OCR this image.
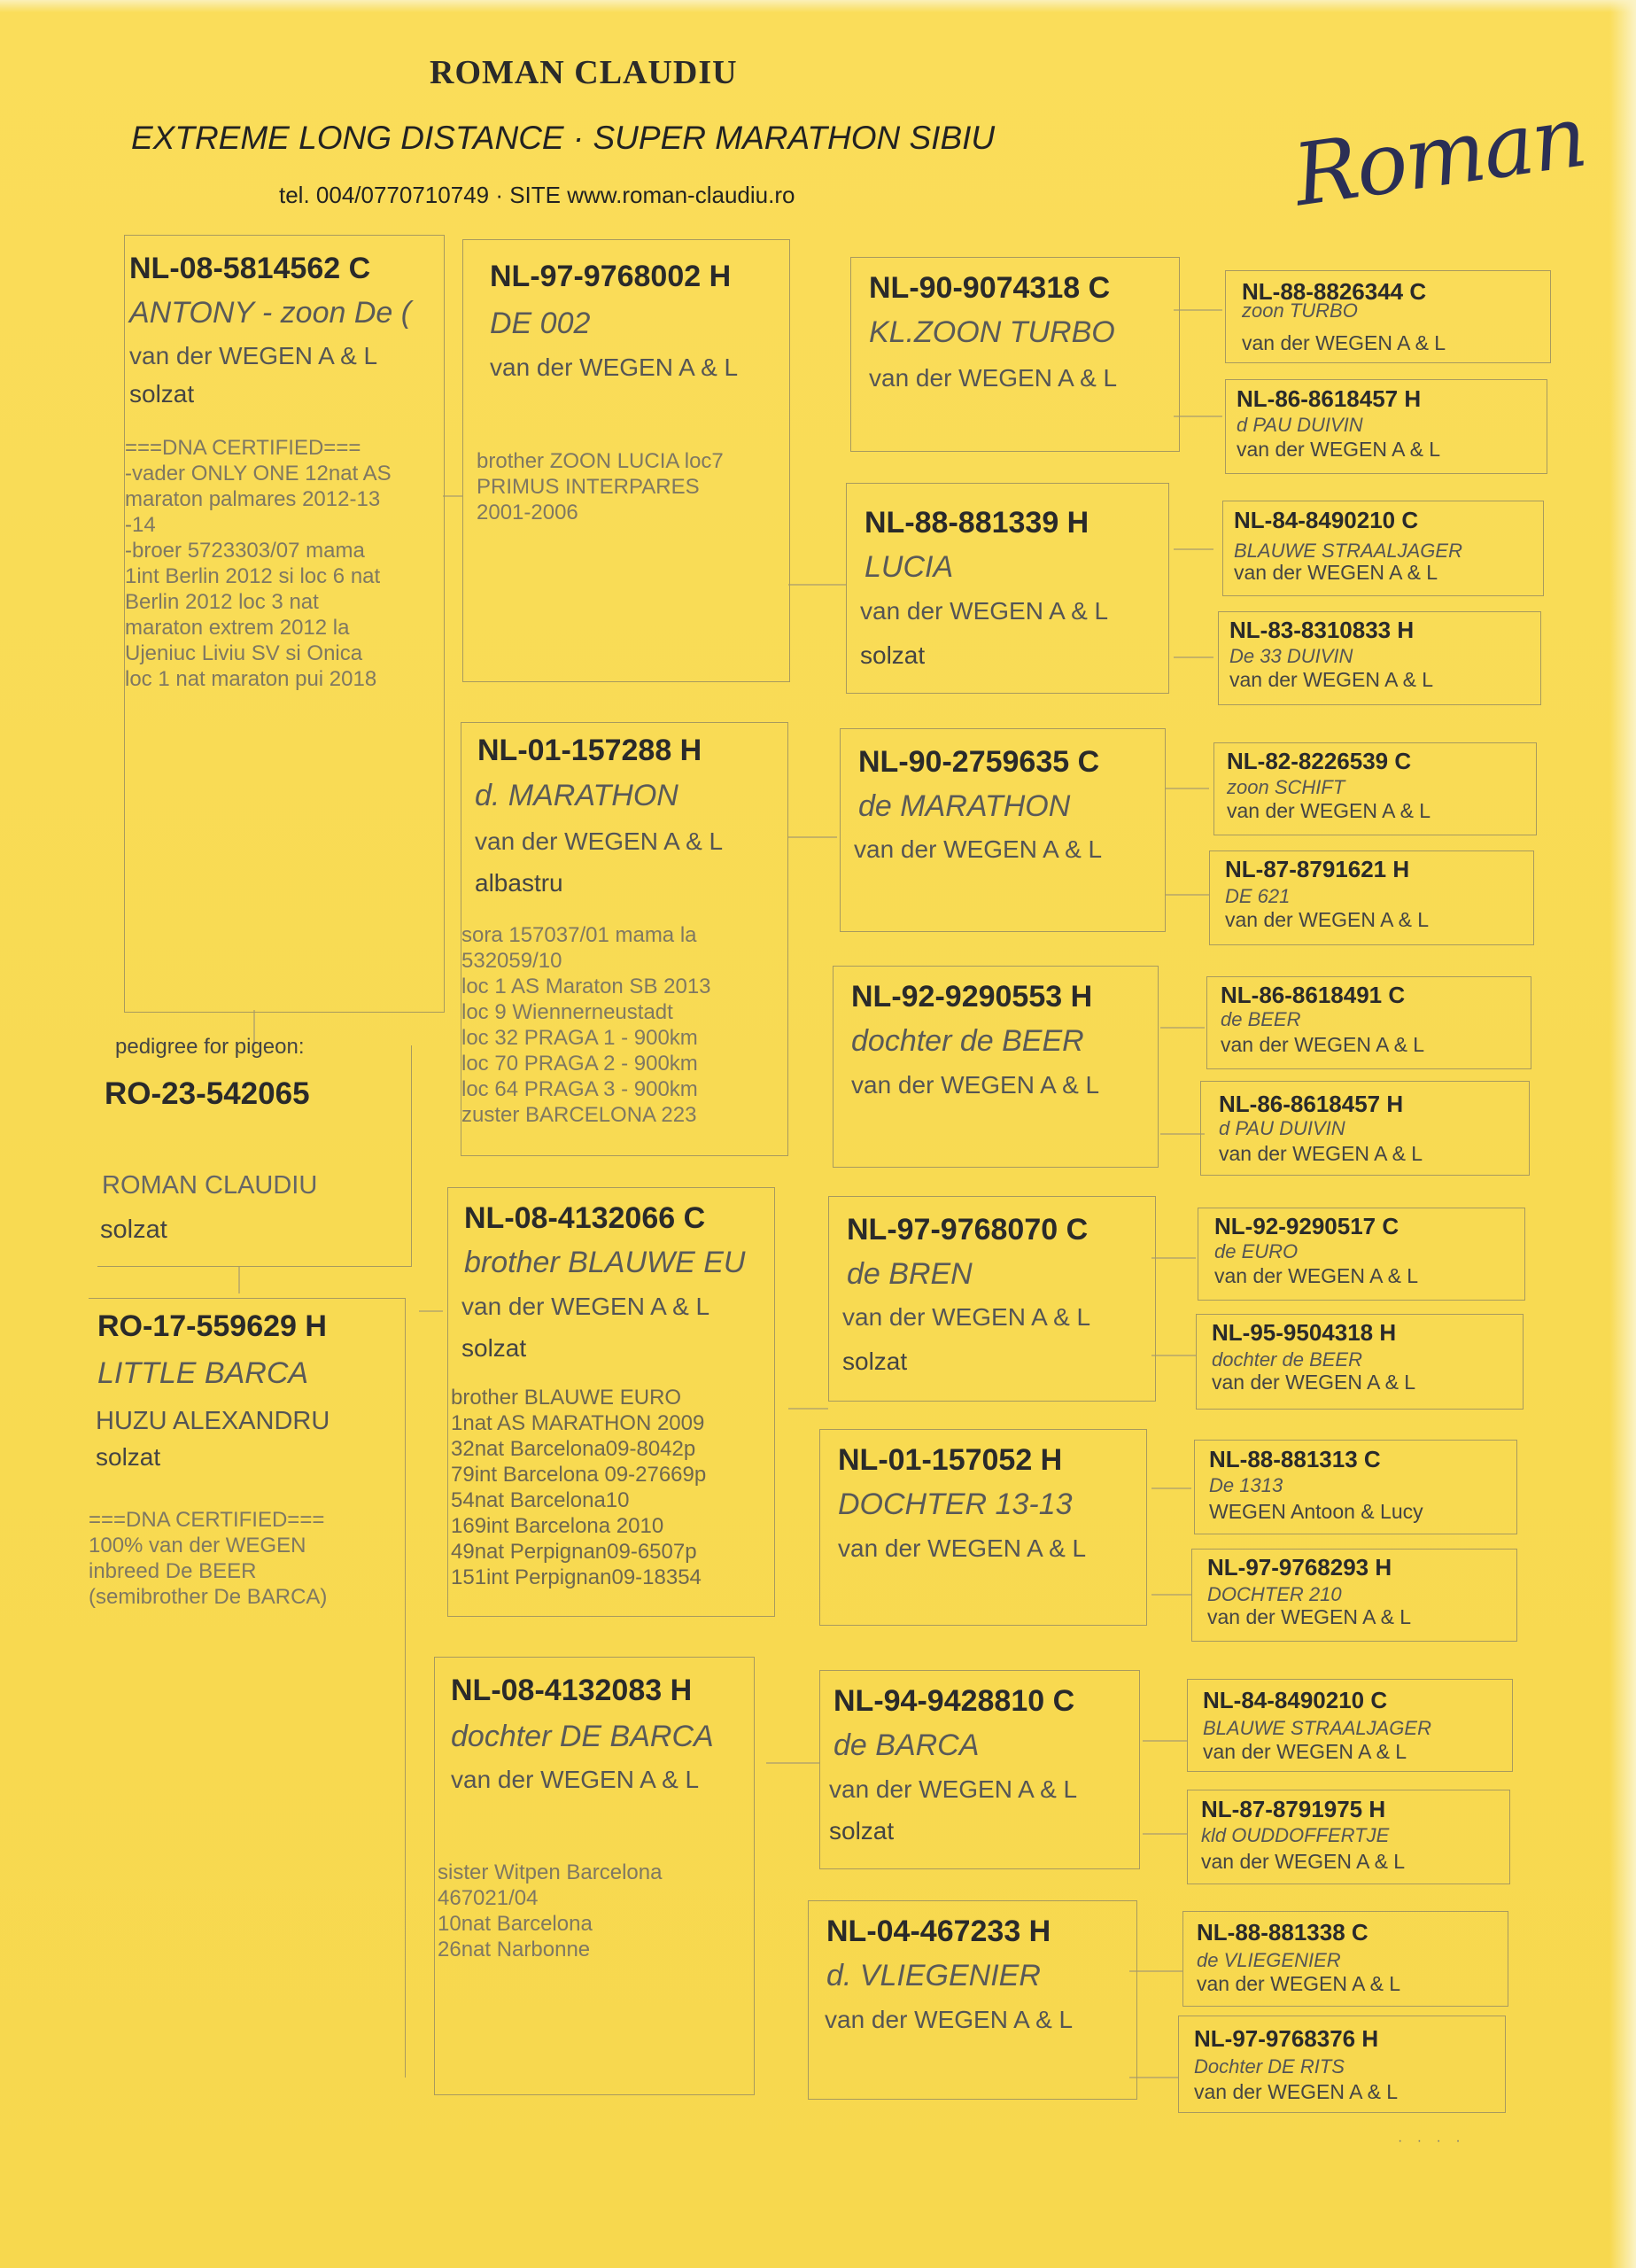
ROMAN CLAUDIU
EXTREME LONG DISTANCE · SUPER MARATHON SIBIU
tel. 004/0770710749 · SITE www.roman-claudiu.ro	Roman
NL-08-5814562 C
ANTONY - zoon De (
van der WEGEN A & L
solzat
===DNA CERTIFIED===
-vader ONLY ONE 12nat AS
maraton palmares 2012-13
-14
-broer 5723303/07 mama
1int Berlin 2012 si loc 6 nat
Berlin 2012 loc 3 nat
maraton extrem 2012 la
Ujeniuc Liviu SV si Onica
loc 1 nat maraton pui 2018
pedigree for pigeon:
RO-23-542065
ROMAN CLAUDIU
solzat
RO-17-559629 H
LITTLE BARCA
HUZU ALEXANDRU
solzat
===DNA CERTIFIED===
100% van der WEGEN
inbreed De BEER
(semibrother De BARCA)
NL-97-9768002 H
DE 002
van der WEGEN A & L
brother ZOON LUCIA loc7
PRIMUS INTERPARES
2001-2006
NL-01-157288 H
d. MARATHON
van der WEGEN A & L
albastru
sora 157037/01 mama la
532059/10
loc 1 AS Maraton SB 2013
loc 9 Wiennerneustadt
loc 32 PRAGA 1 - 900km
loc 70 PRAGA 2 - 900km
loc 64 PRAGA 3 - 900km
zuster BARCELONA 223
NL-08-4132066 C
brother BLAUWE EU
van der WEGEN A & L
solzat
brother BLAUWE EURO
1nat AS MARATHON 2009
32nat Barcelona09-8042p
79int Barcelona 09-27669p
54nat Barcelona10
169int Barcelona 2010
49nat Perpignan09-6507p
151int Perpignan09-18354
NL-08-4132083 H
dochter DE BARCA
van der WEGEN A & L
sister Witpen Barcelona
467021/04
10nat Barcelona
26nat Narbonne
NL-90-9074318 C
KL.ZOON TURBO
van der WEGEN A & L
NL-88-881339 H
LUCIA
van der WEGEN A & L
solzat
NL-90-2759635 C
de MARATHON
van der WEGEN A & L
NL-92-9290553 H
dochter de BEER
van der WEGEN A & L
NL-97-9768070 C
de BREN
van der WEGEN A & L
solzat
NL-01-157052 H
DOCHTER 13-13
van der WEGEN A & L
NL-94-9428810 C
de BARCA
van der WEGEN A & L
solzat
NL-04-467233 H
d. VLIEGENIER
van der WEGEN A & L
NL-88-8826344 C
zoon TURBO
van der WEGEN A & L
NL-86-8618457 H
d PAU DUIVIN
van der WEGEN A & L
NL-84-8490210 C
BLAUWE STRAALJAGER
van der WEGEN A & L
NL-83-8310833 H
De 33 DUIVIN
van der WEGEN A & L
NL-82-8226539 C
zoon SCHIFT
van der WEGEN A & L
NL-87-8791621 H
DE 621
van der WEGEN A & L
NL-86-8618491 C
de BEER
van der WEGEN A & L
NL-86-8618457 H
d PAU DUIVIN
van der WEGEN A & L
NL-92-9290517 C
de EURO
van der WEGEN A & L
NL-95-9504318 H
dochter de BEER
van der WEGEN A & L
NL-88-881313 C
De 1313
WEGEN Antoon & Lucy
NL-97-9768293 H
DOCHTER 210
van der WEGEN A & L
NL-84-8490210 C
BLAUWE STRAALJAGER
van der WEGEN A & L
NL-87-8791975 H
kld OUDDOFFERTJE
van der WEGEN A & L
NL-88-881338 C
de VLIEGENIER
van der WEGEN A & L
NL-97-9768376 H
Dochter DE RITS
van der WEGEN A & L
· · · ·
